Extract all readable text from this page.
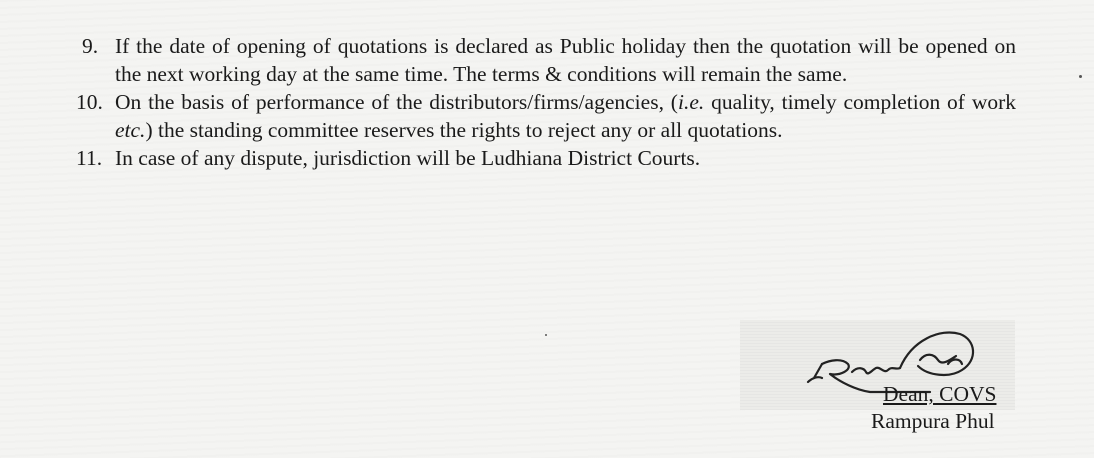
9. If the date of opening of quotations is declared as Public holiday then the quotation will be opened on the next working day at the same time. The terms & conditions will remain the same.

10. On the basis of performance of the distributors/firms/agencies, (i.e. quality, timely completion of work etc.) the standing committee reserves the rights to reject any or all quotations.

11. In case of any dispute, jurisdiction will be Ludhiana District Courts.

Dean, COVS
Rampura Phul
